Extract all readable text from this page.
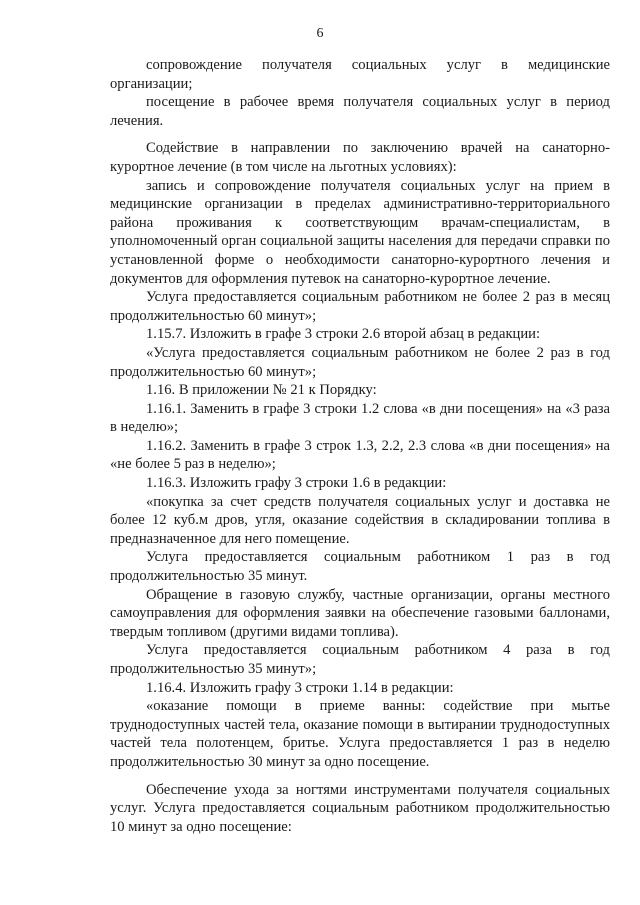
6

сопровождение получателя социальных услуг в медицинские организации;

посещение в рабочее время получателя социальных услуг в период лечения.

Содействие в направлении по заключению врачей на санаторно-курортное лечение (в том числе на льготных условиях):

запись и сопровождение получателя социальных услуг на прием в медицинские организации в пределах административно-территориального района проживания к соответствующим врачам-специалистам, в уполномоченный орган социальной защиты населения для передачи справки по установленной форме о необходимости санаторно-курортного лечения и документов для оформления путевок на санаторно-курортное лечение.

Услуга предоставляется социальным работником не более 2 раз в месяц продолжительностью 60 минут»;

1.15.7. Изложить в графе 3 строки 2.6 второй абзац в редакции:

«Услуга предоставляется социальным работником не более 2 раз в год продолжительностью 60 минут»;

1.16. В приложении № 21 к Порядку:

1.16.1. Заменить в графе 3 строки 1.2 слова «в дни посещения» на «3 раза в неделю»;

1.16.2. Заменить в графе 3 строк 1.3, 2.2, 2.3 слова «в дни посещения» на «не более 5 раз в неделю»;

1.16.3. Изложить графу 3 строки 1.6 в редакции:

«покупка за счет средств получателя социальных услуг и доставка не более 12 куб.м дров, угля, оказание содействия в складировании топлива в предназначенное для него помещение.

Услуга предоставляется социальным работником 1 раз в год продолжительностью 35 минут.

Обращение в газовую службу, частные организации, органы местного самоуправления для оформления заявки на обеспечение газовыми баллонами, твердым топливом (другими видами топлива).

Услуга предоставляется социальным работником 4 раза в год продолжительностью 35 минут»;

1.16.4. Изложить графу 3 строки 1.14 в редакции:

«оказание помощи в приеме ванны: содействие при мытье труднодоступных частей тела, оказание помощи в вытирании труднодоступных частей тела полотенцем, бритье. Услуга предоставляется 1 раз в неделю продолжительностью 30 минут за одно посещение.

Обеспечение ухода за ногтями инструментами получателя социальных услуг. Услуга предоставляется социальным работником продолжительностью 10 минут за одно посещение:
